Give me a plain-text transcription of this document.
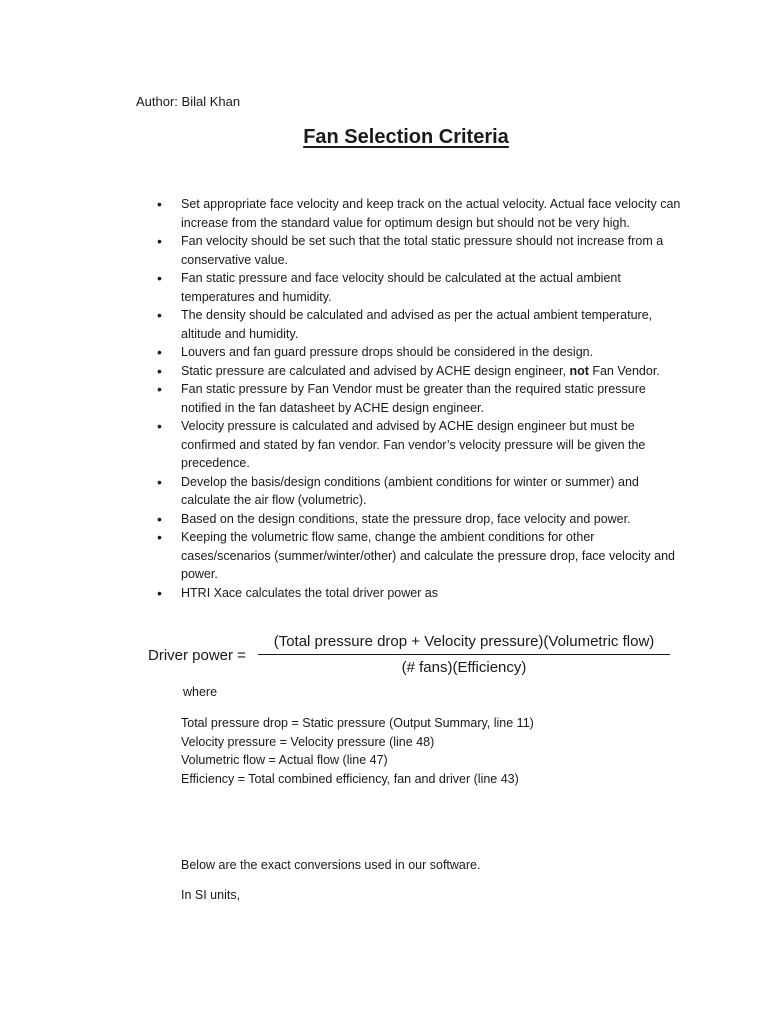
Author: Bilal Khan
Fan Selection Criteria
• Set appropriate face velocity and keep track on the actual velocity. Actual face velocity can increase from the standard value for optimum design but should not be very high.
• Fan velocity should be set such that the total static pressure should not increase from a conservative value.
• Fan static pressure and face velocity should be calculated at the actual ambient temperatures and humidity.
• The density should be calculated and advised as per the actual ambient temperature, altitude and humidity.
• Louvers and fan guard pressure drops should be considered in the design.
• Static pressure are calculated and advised by ACHE design engineer, not Fan Vendor.
• Fan static pressure by Fan Vendor must be greater than the required static pressure notified in the fan datasheet by ACHE design engineer.
• Velocity pressure is calculated and advised by ACHE design engineer but must be confirmed and stated by fan vendor. Fan vendor’s velocity pressure will be given the precedence.
• Develop the basis/design conditions (ambient conditions for winter or summer) and calculate the air flow (volumetric).
• Based on the design conditions, state the pressure drop, face velocity and power.
• Keeping the volumetric flow same, change the ambient conditions for other cases/scenarios (summer/winter/other) and calculate the pressure drop, face velocity and power.
• HTRI Xace calculates the total driver power as
Driver power =
(Total pressure drop + Velocity pressure)(Volumetric flow)
(# fans)(Efficiency)
where
Total pressure drop = Static pressure (Output Summary, line 11)
Velocity pressure = Velocity pressure (line 48)
Volumetric flow = Actual flow (line 47)
Efficiency = Total combined efficiency, fan and driver (line 43)
Below are the exact conversions used in our software.
In SI units,
